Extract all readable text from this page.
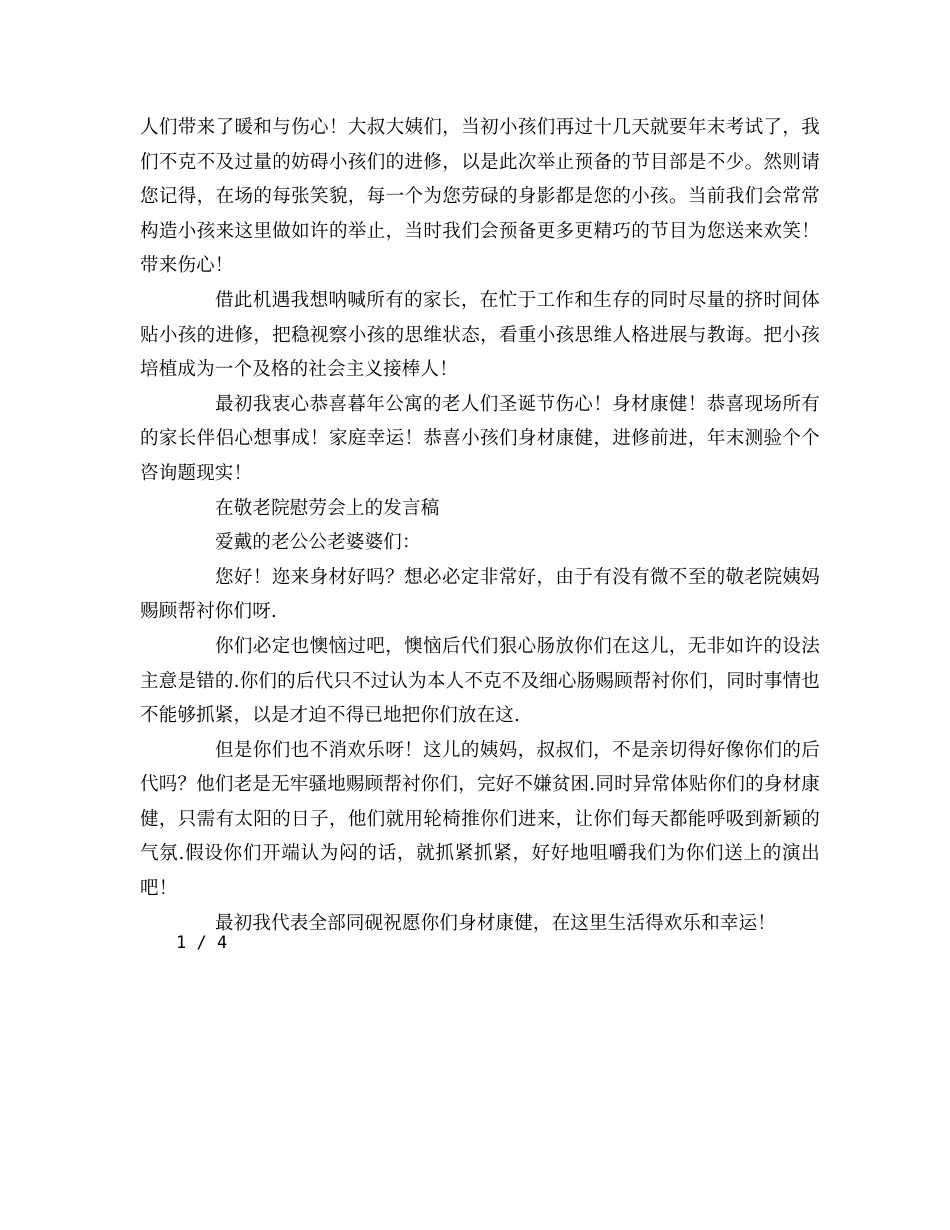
人们带来了暖和与伤心！大叔大姨们，当初小孩们再过十几天就要年末考试了，我们不克不及过量的妨碍小孩们的进修，以是此次举止预备的节目部是不少。然则请您记得，在场的每张笑貌，每一个为您劳碌的身影都是您的小孩。当前我们会常常构造小孩来这里做如许的举止，当时我们会预备更多更精巧的节目为您送来欢笑！带来伤心！

借此机遇我想呐喊所有的家长，在忙于工作和生存的同时尽量的挤时间体贴小孩的进修，把稳视察小孩的思维状态，看重小孩思维人格进展与教诲。把小孩培植成为一个及格的社会主义接棒人！

最初我衷心恭喜暮年公寓的老人们圣诞节伤心！身材康健！恭喜现场所有的家长伴侣心想事成！家庭幸运！恭喜小孩们身材康健，进修前进，年末测验个个咨询题现实！

在敬老院慰劳会上的发言稿

爱戴的老公公老婆婆们：

您好！迩来身材好吗？想必必定非常好，由于有没有微不至的敬老院姨妈赐顾帮衬你们呀.

你们必定也懊恼过吧，懊恼后代们狠心肠放你们在这儿，无非如许的设法主意是错的.你们的后代只不过认为本人不克不及细心肠赐顾帮衬你们，同时事情也不能够抓紧，以是才迫不得已地把你们放在这.

但是你们也不消欢乐呀！这儿的姨妈，叔叔们，不是亲切得好像你们的后代吗？他们老是无牢骚地赐顾帮衬你们，完好不嫌贫困.同时异常体贴你们的身材康健，只需有太阳的日子，他们就用轮椅推你们进来，让你们每天都能呼吸到新颖的气氛.假设你们开端认为闷的话，就抓紧抓紧，好好地咀嚼我们为你们送上的演出吧！

最初我代表全部同砚祝愿你们身材康健，在这里生活得欢乐和幸运！

1 / 4
